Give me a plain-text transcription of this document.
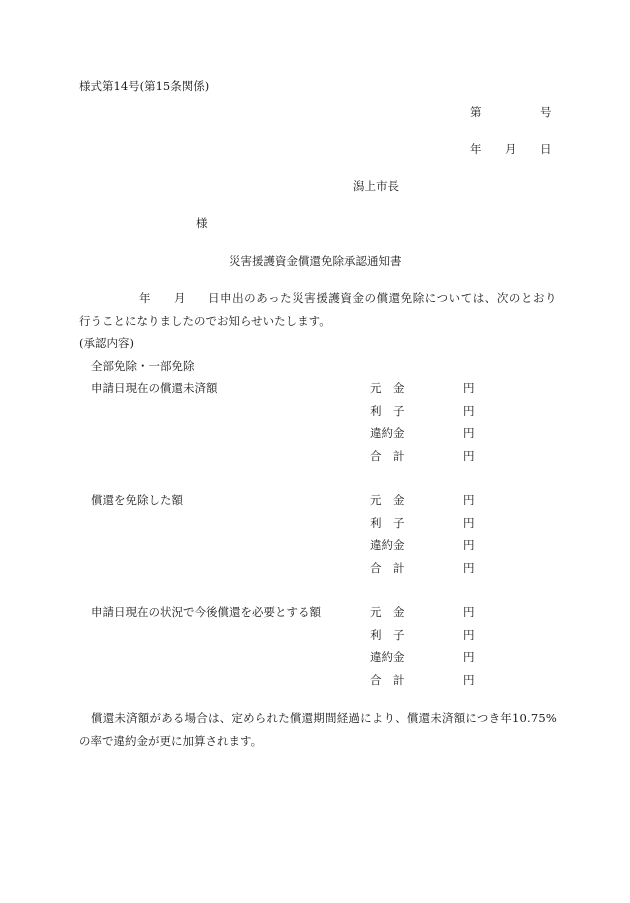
様式第14号(第15条関係)
第	号
年 月 日
潟上市長
様
災害援護資金償還免除承認通知書
年 月 日申出のあった災害援護資金の償還免除については、次のとおり
行うことになりましたのでお知らせいたします。
(承認内容)
全部免除・一部免除
申請日現在の償還未済額	元　金	円
利　子	円
違約金	円
合　計	円
償還を免除した額	元　金	円
利　子	円
違約金	円
合　計	円
申請日現在の状況で今後償還を必要とする額	元　金	円
利　子	円
違約金	円
合　計	円
償還未済額がある場合は、定められた償還期間経過により、償還未済額につき年10.75%
の率で違約金が更に加算されます。
